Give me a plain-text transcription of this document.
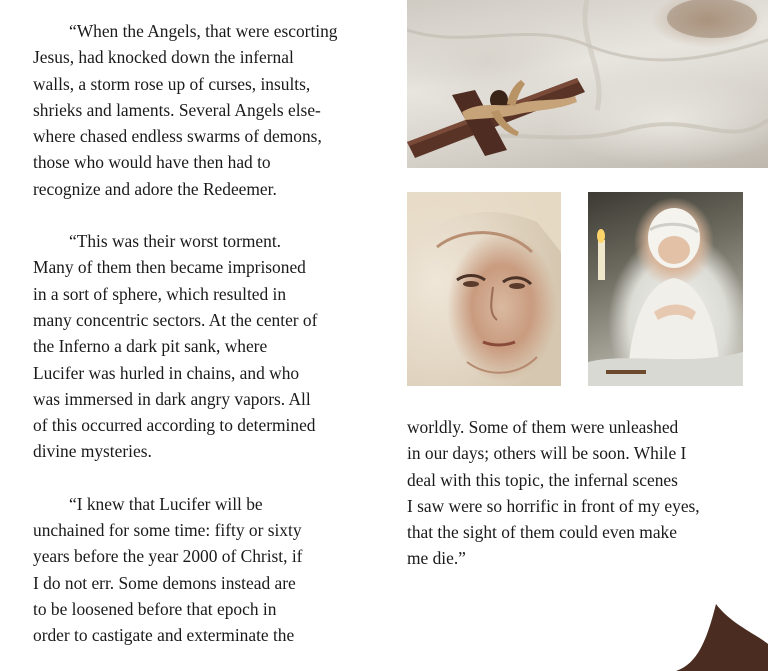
“When the Angels, that were escorting
Jesus, had knocked down the infernal
walls, a storm rose up of curses, insults,
shrieks and laments. Several Angels else-
where chased endless swarms of demons,
those who would have then had to
recognize and adore the Redeemer.

“This was their worst torment.
Many of them then became imprisoned
in a sort of sphere, which resulted in
many concentric sectors. At the center of
the Inferno a dark pit sank, where
Lucifer was hurled in chains, and who
was immersed in dark angry vapors. All
of this occurred according to determined
divine mysteries.

“I knew that Lucifer will be
unchained for some time: fifty or sixty
years before the year 2000 of Christ, if
I do not err. Some demons instead are
to be loosened before that epoch in
order to castigate and exterminate the

worldly. Some of them were unleashed
in our days; others will be soon. While I
deal with this topic, the infernal scenes
I saw were so horrific in front of my eyes,
that the sight of them could even make
me die.”
